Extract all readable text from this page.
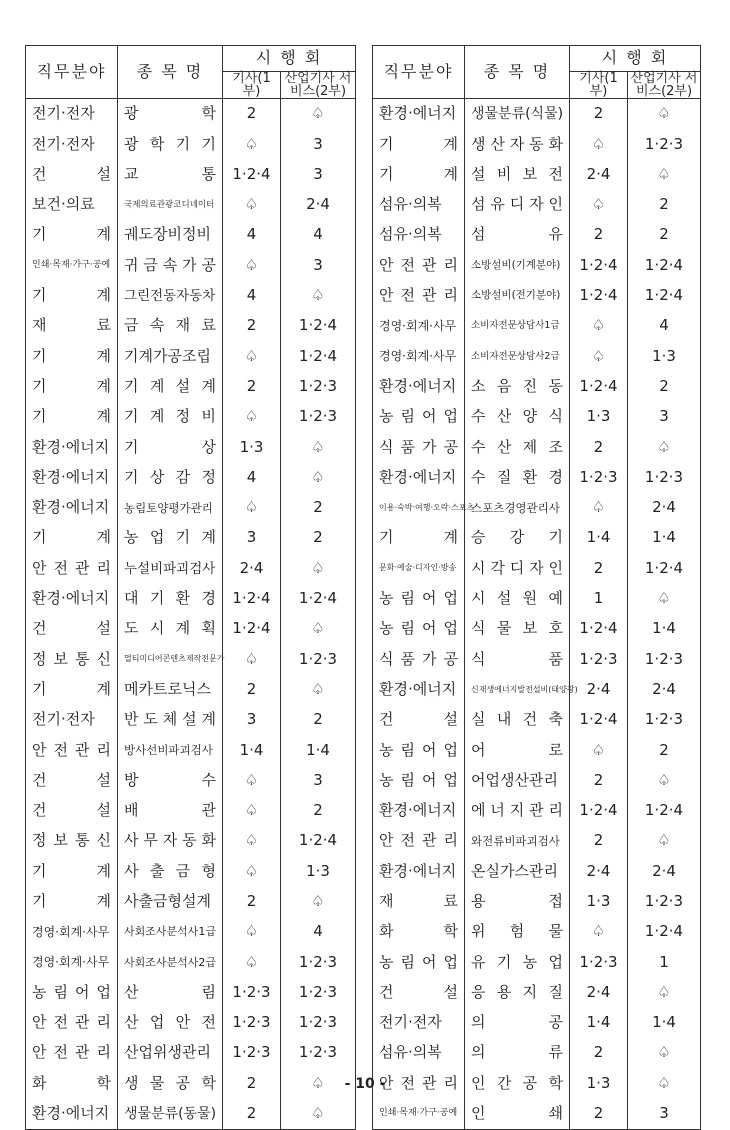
직무분야	종 목 명	시 행 회	
		기사(1부)	산업기사 서비스(2부)
전기·전자	광 학	2	♤
전기·전자	광 학 기 기	♤	3
건 설	교 통	1·2·4	3
보건·의료	국제의료관광코디네이터	♤	2·4
기 계	궤도장비정비	4	4
인쇄·목재·가구·공예	귀 금 속 가 공	♤	3
기 계	그린전동자동차	4	♤
재 료	금 속 재 료	2	1·2·4
기 계	기계가공조립	♤	1·2·4
기 계	기 계 설 계	2	1·2·3
기 계	기 계 정 비	♤	1·2·3
환경·에너지	기 상	1·3	♤
환경·에너지	기 상 감 정	4	♤
환경·에너지	농림토양평가관리	♤	2
기 계	농 업 기 계	3	2
안 전 관 리	누설비파괴검사	2·4	♤
환경·에너지	대 기 환 경	1·2·4	1·2·4
건 설	도 시 계 획	1·2·4	♤
정 보 통 신	멀티미디어콘텐츠제작전문가	♤	1·2·3
기 계	메카트로닉스	2	♤
전기·전자	반 도 체 설 계	3	2
안 전 관 리	방사선비파괴검사	1·4	1·4
건 설	방 수	♤	3
건 설	배 관	♤	2
정 보 통 신	사 무 자 동 화	♤	1·2·4
기 계	사 출 금 형	♤	1·3
기 계	사출금형설계	2	♤
경영·회계·사무	사회조사분석사1급	♤	4
경영·회계·사무	사회조사분석사2급	♤	1·2·3
농 림 어 업	산 림	1·2·3	1·2·3
안 전 관 리	산 업 안 전	1·2·3	1·2·3
안 전 관 리	산업위생관리	1·2·3	1·2·3
화 학	생 물 공 학	2	♤
환경·에너지	생물분류(동물)	2	♤
직무분야	종 목 명	시 행 회	
		기사(1부)	산업기사 서비스(2부)
환경·에너지	생물분류(식물)	2	♤
기 계	생 산 자 동 화	♤	1·2·3
기 계	설 비 보 전	2·4	♤
섬유·의복	섬 유 디 자 인	♤	2
섬유·의복	섬 유	2	2
안 전 관 리	소방설비(기계분야)	1·2·4	1·2·4
안 전 관 리	소방설비(전기분야)	1·2·4	1·2·4
경영·회계·사무	소비자전문상담사1급	♤	4
경영·회계·사무	소비자전문상담사2급	♤	1·3
환경·에너지	소 음 진 동	1·2·4	2
농 림 어 업	수 산 양 식	1·3	3
식 품 가 공	수 산 제 조	2	♤
환경·에너지	수 질 환 경	1·2·3	1·2·3
이용·숙박·여행·오락·스포츠	스포츠경영관리사	♤	2·4
기 계	승 강 기	1·4	1·4
문화·예술·디자인·방송	시 각 디 자 인	2	1·2·4
농 림 어 업	시 설 원 예	1	♤
농 림 어 업	식 물 보 호	1·2·4	1·4
식 품 가 공	식 품	1·2·3	1·2·3
환경·에너지	신재생에너지발전설비(태양광)	2·4	2·4
건 설	실 내 건 축	1·2·4	1·2·3
농 림 어 업	어 로	♤	2
농 림 어 업	어업생산관리	2	♤
환경·에너지	에 너 지 관 리	1·2·4	1·2·4
안 전 관 리	와전류비파괴검사	2	♤
환경·에너지	온실가스관리	2·4	2·4
재 료	용 접	1·3	1·2·3
화 학	위 험 물	♤	1·2·4
농 림 어 업	유 기 농 업	1·2·3	1
건 설	응 용 지 질	2·4	♤
전기·전자	의 공	1·4	1·4
섬유·의복	의 류	2	♤
안 전 관 리	인 간 공 학	1·3	♤
인쇄·목재·가구·공예	인 쇄	2	3
- 10 -
